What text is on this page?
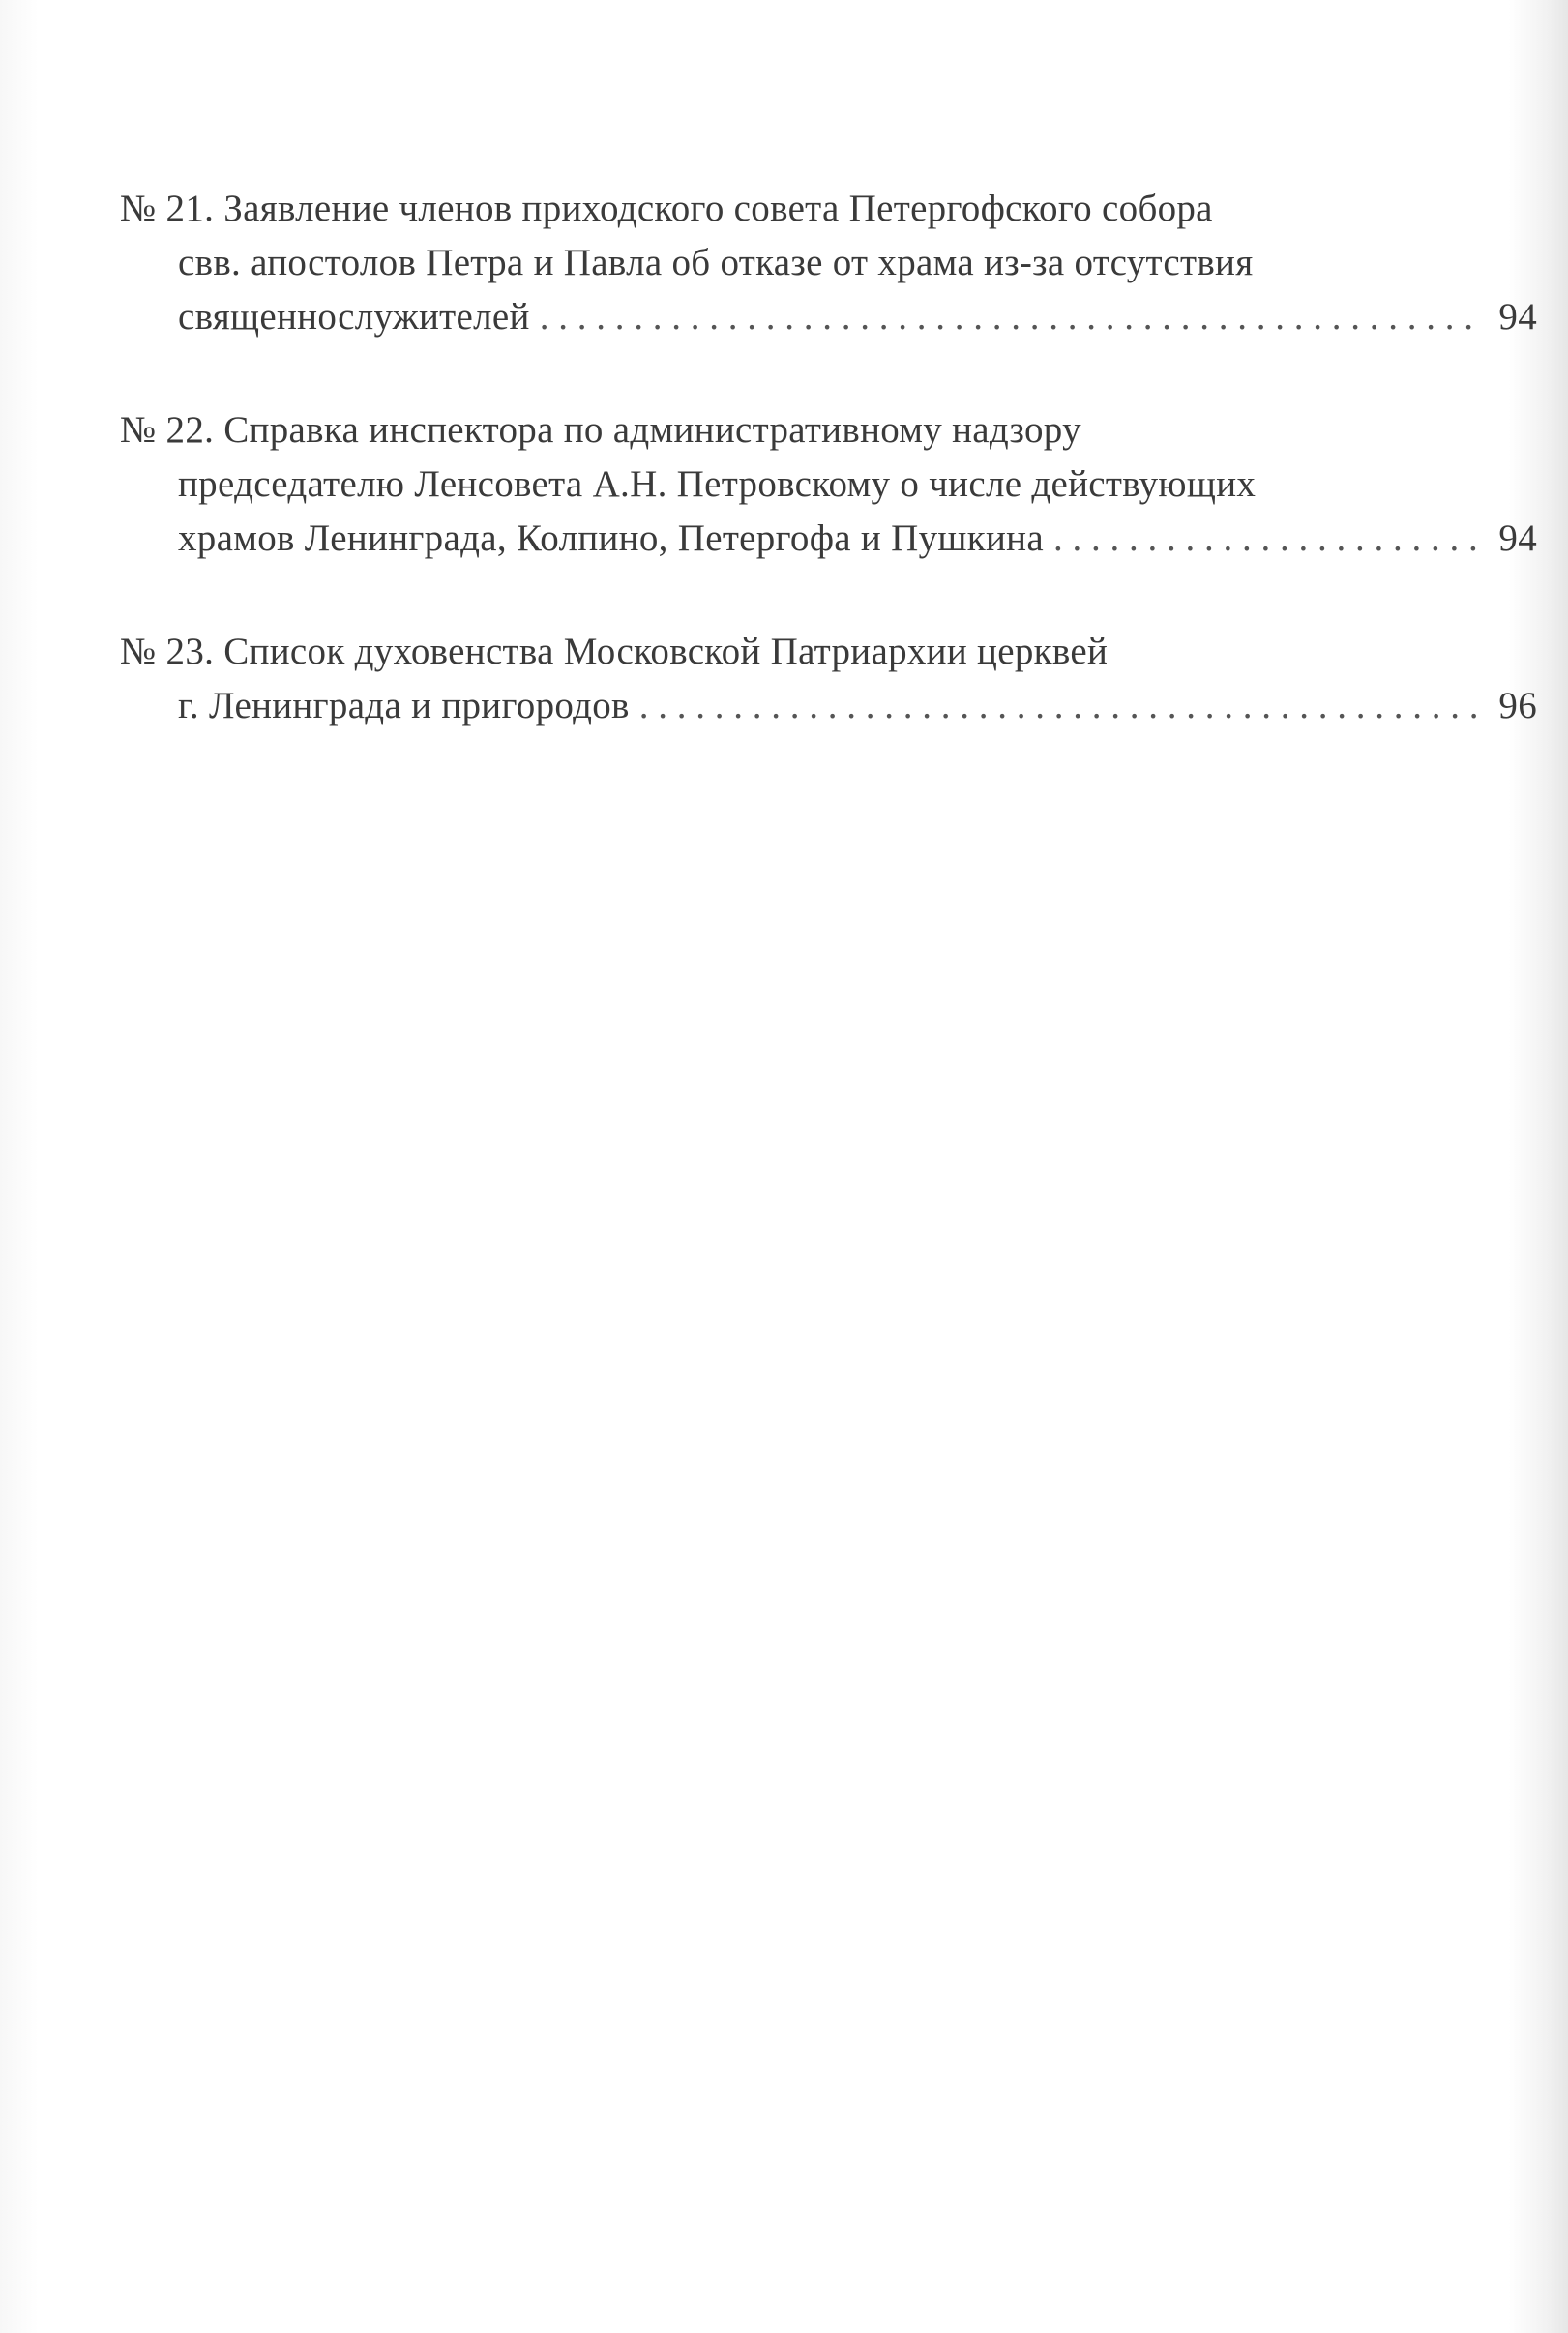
№ 21. Заявление членов приходского совета Петергофского собора
свв. апостолов Петра и Павла об отказе от храма из-за отсутствия
священнослужителей . . .	94
№ 22. Справка инспектора по административному надзору
председателю Ленсовета А.Н. Петровскому о числе действующих
храмов Ленинграда, Колпино, Петергофа и Пушкина . . .	94
№ 23. Список духовенства Московской Патриархии церквей
г. Ленинграда и пригородов . . .	96
